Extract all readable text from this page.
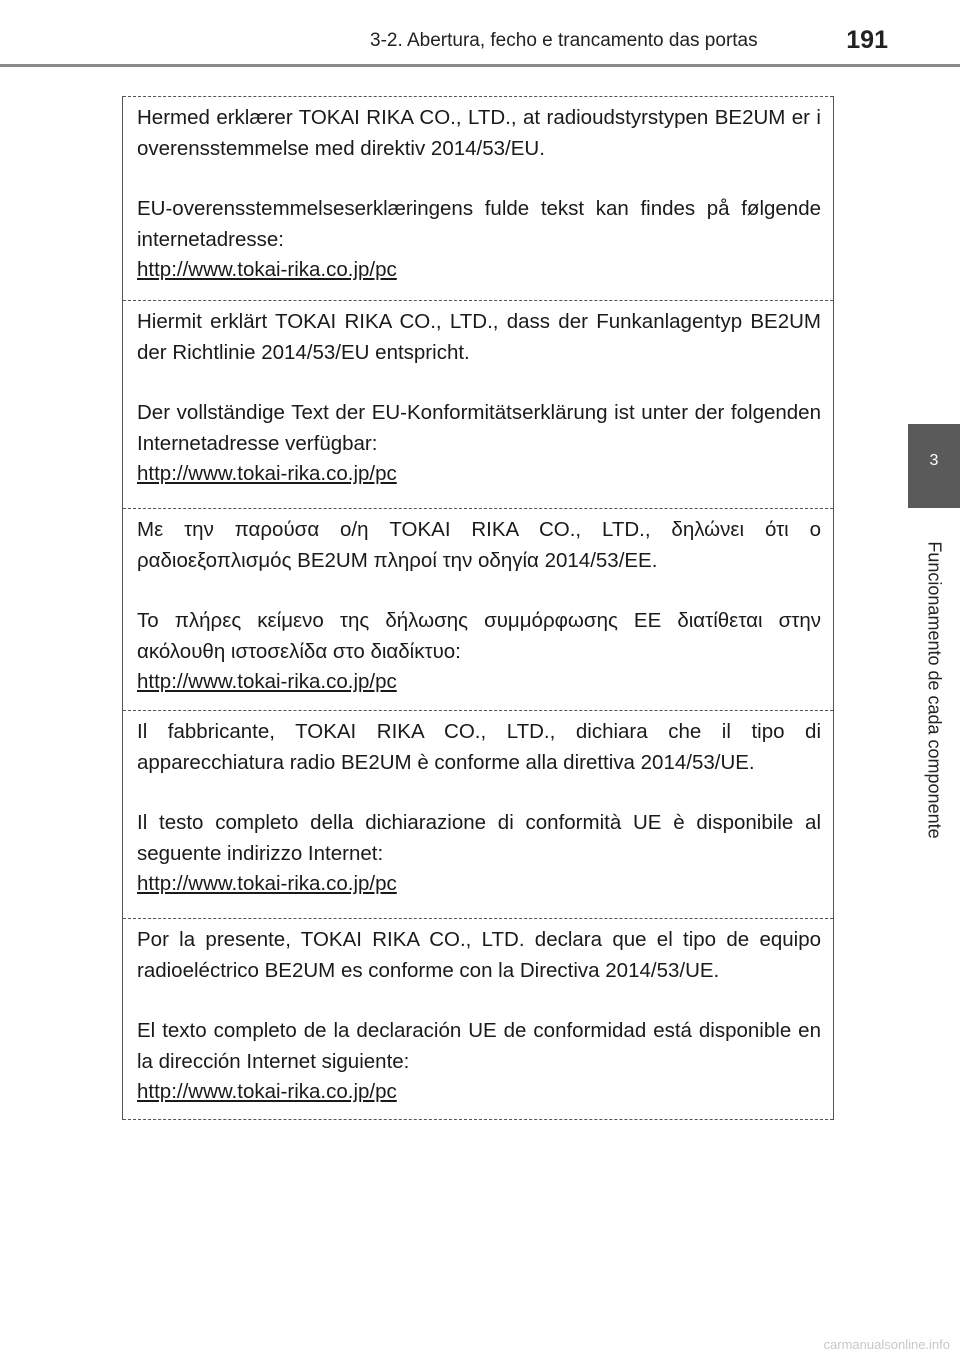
3-2. Abertura, fecho e trancamento das portas	191
3
Funcionamento de cada componente

Hermed erklærer TOKAI RIKA CO., LTD., at radioudstyrstypen BE2UM er i overensstemmelse med direktiv 2014/53/EU.

EU-overensstemmelseserklæringens fulde tekst kan findes på følgende internetadresse:
http://www.tokai-rika.co.jp/pc

Hiermit erklärt TOKAI RIKA CO., LTD., dass der Funkanlagentyp BE2UM der Richtlinie 2014/53/EU entspricht.

Der vollständige Text der EU-Konformitätserklärung ist unter der folgenden Internetadresse verfügbar:
http://www.tokai-rika.co.jp/pc

Με την παρούσα ο/η TOKAI RIKA CO., LTD., δηλώνει ότι ο ραδιοεξοπλισμός BE2UM πληροί την οδηγία 2014/53/ΕΕ.

Το πλήρες κείμενο της δήλωσης συμμόρφωσης ΕΕ διατίθεται στην ακόλουθη ιστοσελίδα στο διαδίκτυο:
http://www.tokai-rika.co.jp/pc

Il fabbricante, TOKAI RIKA CO., LTD., dichiara che il tipo di apparecchiatura radio BE2UM è conforme alla direttiva 2014/53/UE.

Il testo completo della dichiarazione di conformità UE è disponibile al seguente indirizzo Internet:
http://www.tokai-rika.co.jp/pc

Por la presente, TOKAI RIKA CO., LTD. declara que el tipo de equipo radioeléctrico BE2UM es conforme con la Directiva 2014/53/UE.

El texto completo de la declaración UE de conformidad está disponible en la dirección Internet siguiente:
http://www.tokai-rika.co.jp/pc

carmanualsonline.info
